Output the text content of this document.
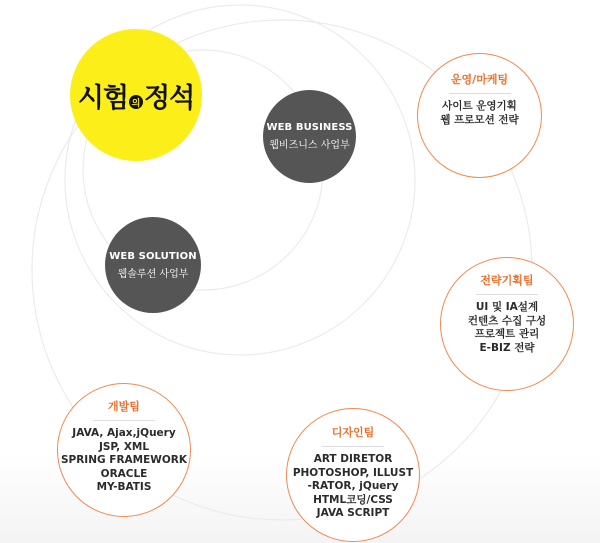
시험 의 정석
WEB BUSINESS
웹비즈니스 사업부
WEB SOLUTION
웹솔루션 사업부
운영/마케팅
사이트 운영기획
웹 프로모션 전략
전략기획팀
UI 및 IA설계
컨텐츠 수집 구성
프로젝트 관리
E-BIZ 전략
개발팀
JAVA, Ajax,jQuery
JSP, XML
SPRING FRAMEWORK
ORACLE
MY-BATIS
디자인팀
ART DIRETOR
PHOTOSHOP, ILLUST
-RATOR, jQuery
HTML코딩/CSS
JAVA SCRIPT
